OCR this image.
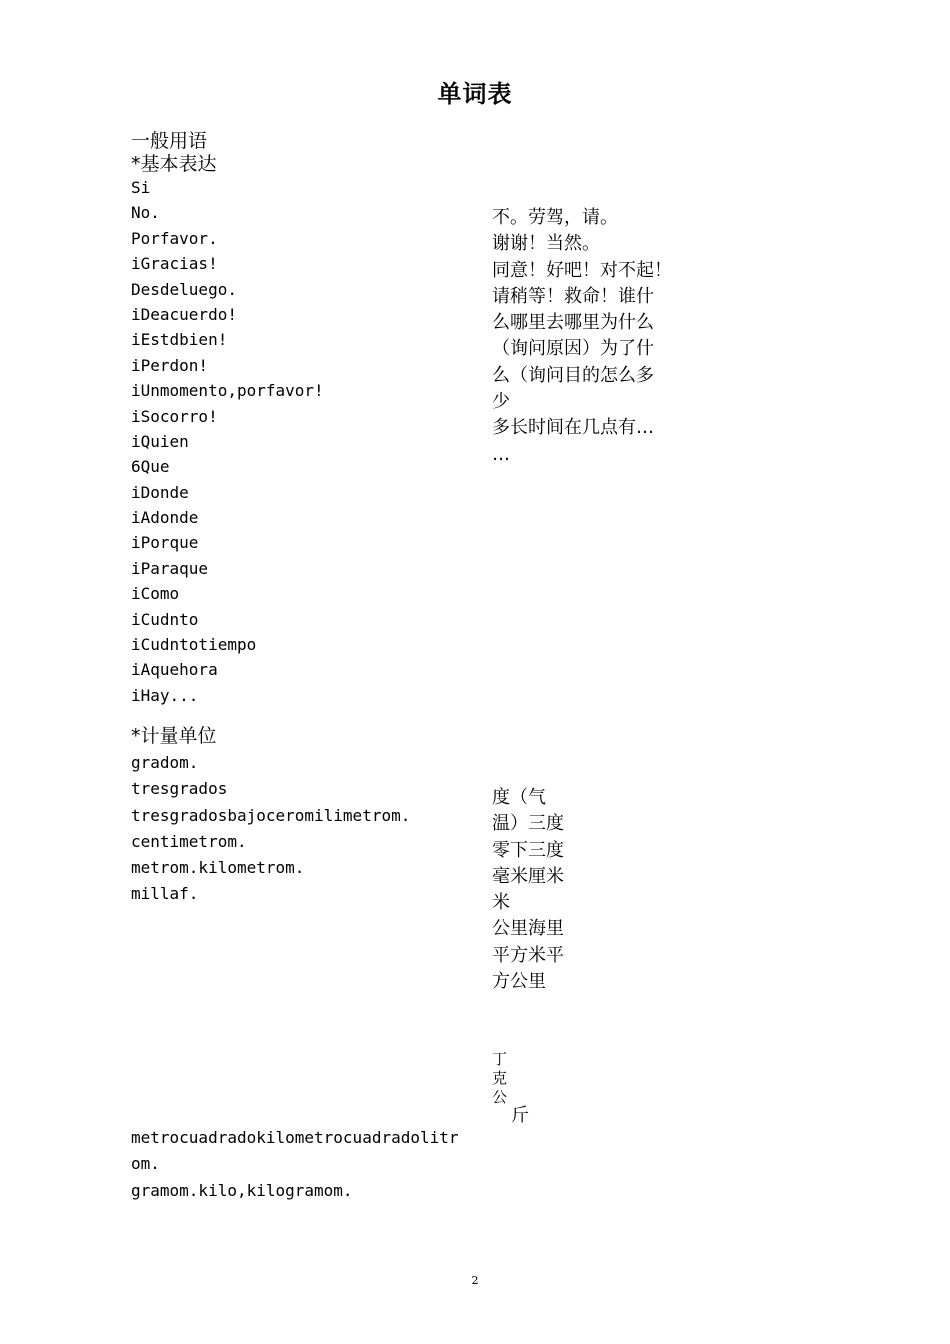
单词表
一般用语
*基本表达
Si
No.
Porfavor.
iGracias!
Desdeluego.
iDeacuerdo!
iEstdbien!
iPerdon!
iUnmomento,porfavor!
iSocorro!
iQuien
6Que
iDonde
iAdonde
iPorque
iParaque
iComo
iCudnto
iCudntotiempo
iAquehora
iHay...
不。劳驾，请。
谢谢！当然。
同意！好吧！对不起！
请稍等！救命！谁什
么哪里去哪里为什么
（询问原因）为了什
么（询问目的怎么多
少
多长时间在几点有…
…
*计量单位
gradom.
tresgrados
tresgradosbajoceromilimetrom.
centimetrom.
metrom.kilometrom.
millaf.
度（气
温）三度
零下三度
毫米厘米
米
公里海里
平方米平
方公里
丁
克
公
斤
metrocuadradokilometrocuadradolitr
om.
gramom.kilo,kilogramom.
2
